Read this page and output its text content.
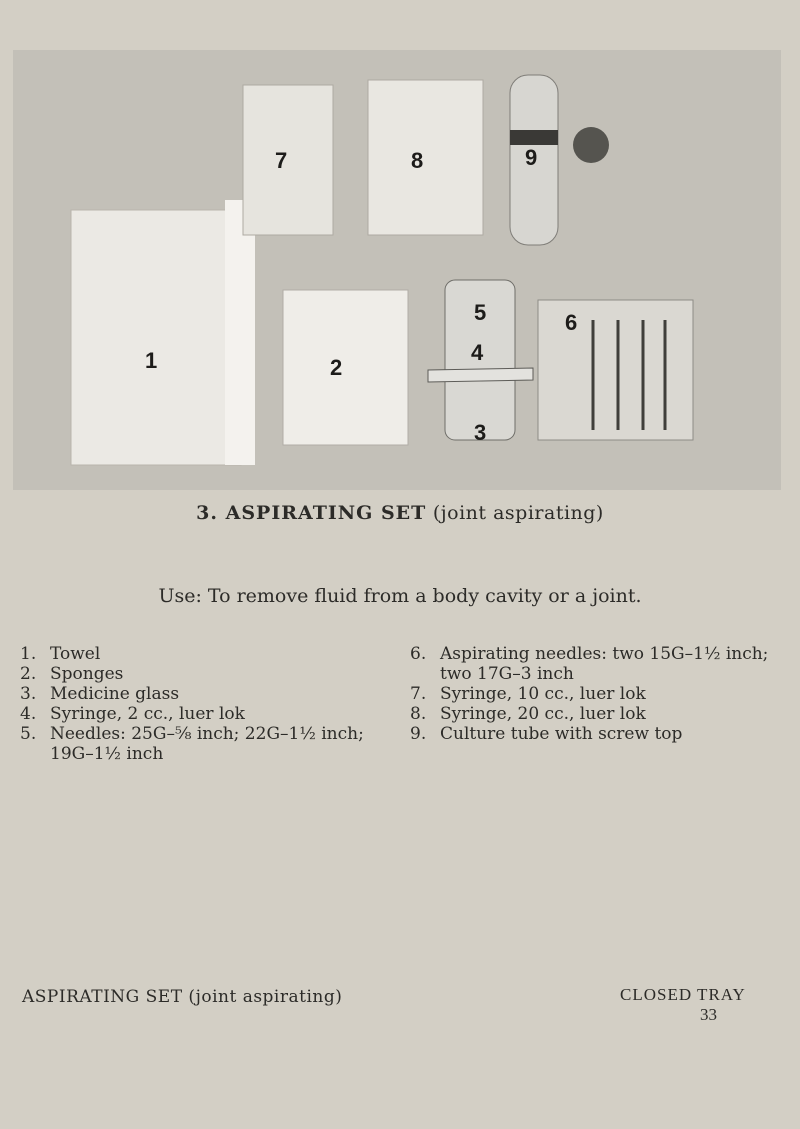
1	2
3
4
5	6
7	8	9
3. ASPIRATING SET (joint aspirating)
Use: To remove fluid from a body cavity or a joint.
1. Towel
2. Sponges
3. Medicine glass
4. Syringe, 2 cc., luer lok
5. Needles: 25G–⅝ inch; 22G–1½ inch; 19G–1½ inch
6. Aspirating needles: two 15G–1½ inch; two 17G–3 inch
7. Syringe, 10 cc., luer lok
8. Syringe, 20 cc., luer lok
9. Culture tube with screw top
ASPIRATING SET (joint aspirating)	CLOSED TRAY
33
